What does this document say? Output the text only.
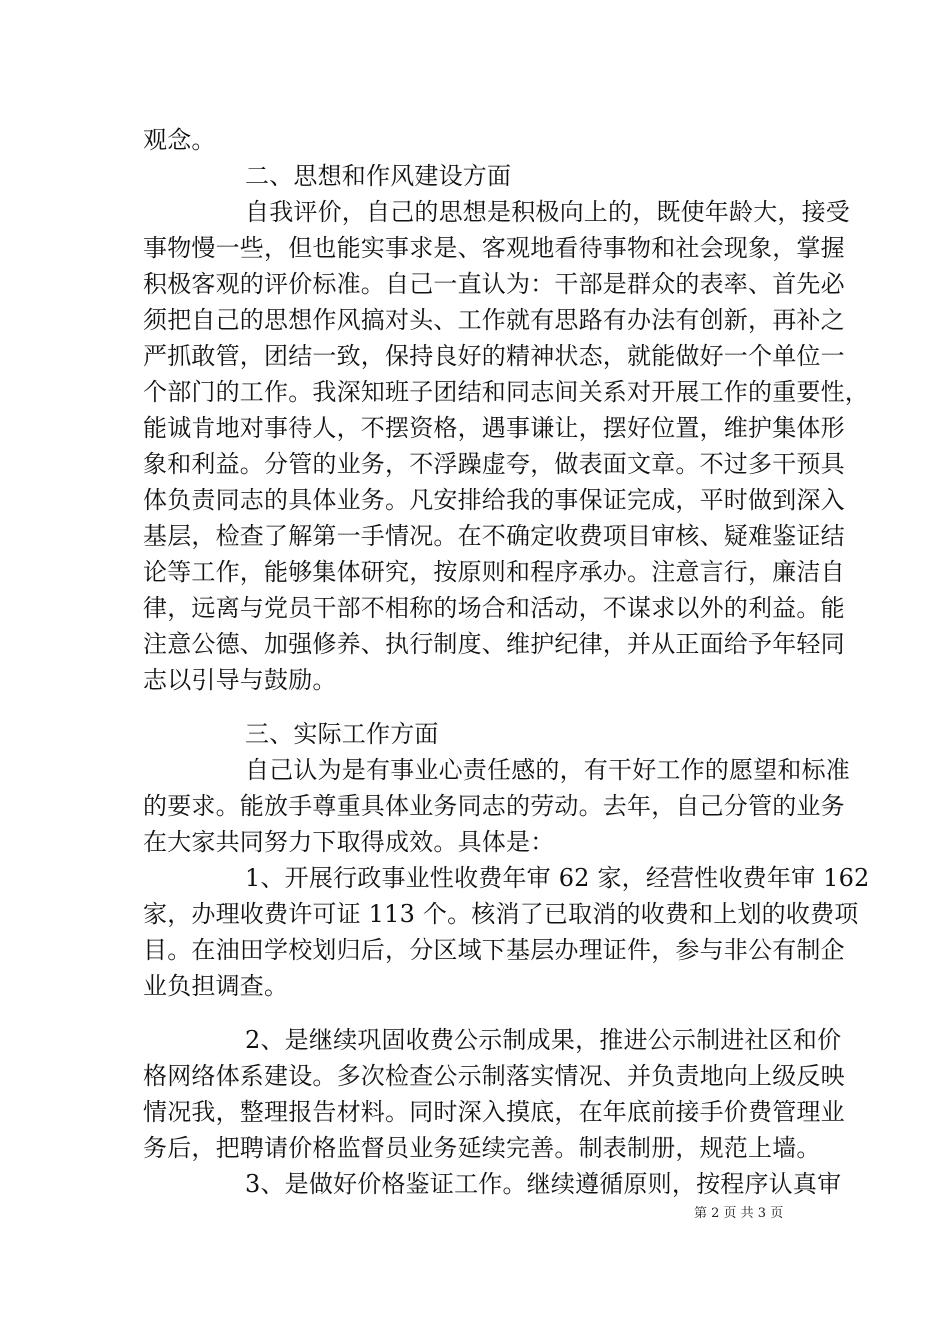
观念。
二、思想和作风建设方面
自我评价，自己的思想是积极向上的，既使年龄大，接受
事物慢一些，但也能实事求是、客观地看待事物和社会现象，掌握
积极客观的评价标准。自己一直认为：干部是群众的表率、首先必
须把自己的思想作风搞对头、工作就有思路有办法有创新，再补之
严抓敢管，团结一致，保持良好的精神状态，就能做好一个单位一
个部门的工作。我深知班子团结和同志间关系对开展工作的重要性，
能诚肯地对事待人，不摆资格，遇事谦让，摆好位置，维护集体形
象和利益。分管的业务，不浮躁虚夸，做表面文章。不过多干预具
体负责同志的具体业务。凡安排给我的事保证完成，平时做到深入
基层，检查了解第一手情况。在不确定收费项目审核、疑难鉴证结
论等工作，能够集体研究，按原则和程序承办。注意言行，廉洁自
律，远离与党员干部不相称的场合和活动，不谋求以外的利益。能
注意公德、加强修养、执行制度、维护纪律，并从正面给予年轻同
志以引导与鼓励。
三、实际工作方面
自己认为是有事业心责任感的，有干好工作的愿望和标准
的要求。能放手尊重具体业务同志的劳动。去年，自己分管的业务
在大家共同努力下取得成效。具体是：
1、开展行政事业性收费年审 62 家，经营性收费年审 162
家，办理收费许可证 113 个。核消了已取消的收费和上划的收费项
目。在油田学校划归后，分区域下基层办理证件，参与非公有制企
业负担调查。
2、是继续巩固收费公示制成果，推进公示制进社区和价
格网络体系建设。多次检查公示制落实情况、并负责地向上级反映
情况我，整理报告材料。同时深入摸底，在年底前接手价费管理业
务后，把聘请价格监督员业务延续完善。制表制册，规范上墙。
3、是做好价格鉴证工作。继续遵循原则，按程序认真审
第 2 页 共 3 页
